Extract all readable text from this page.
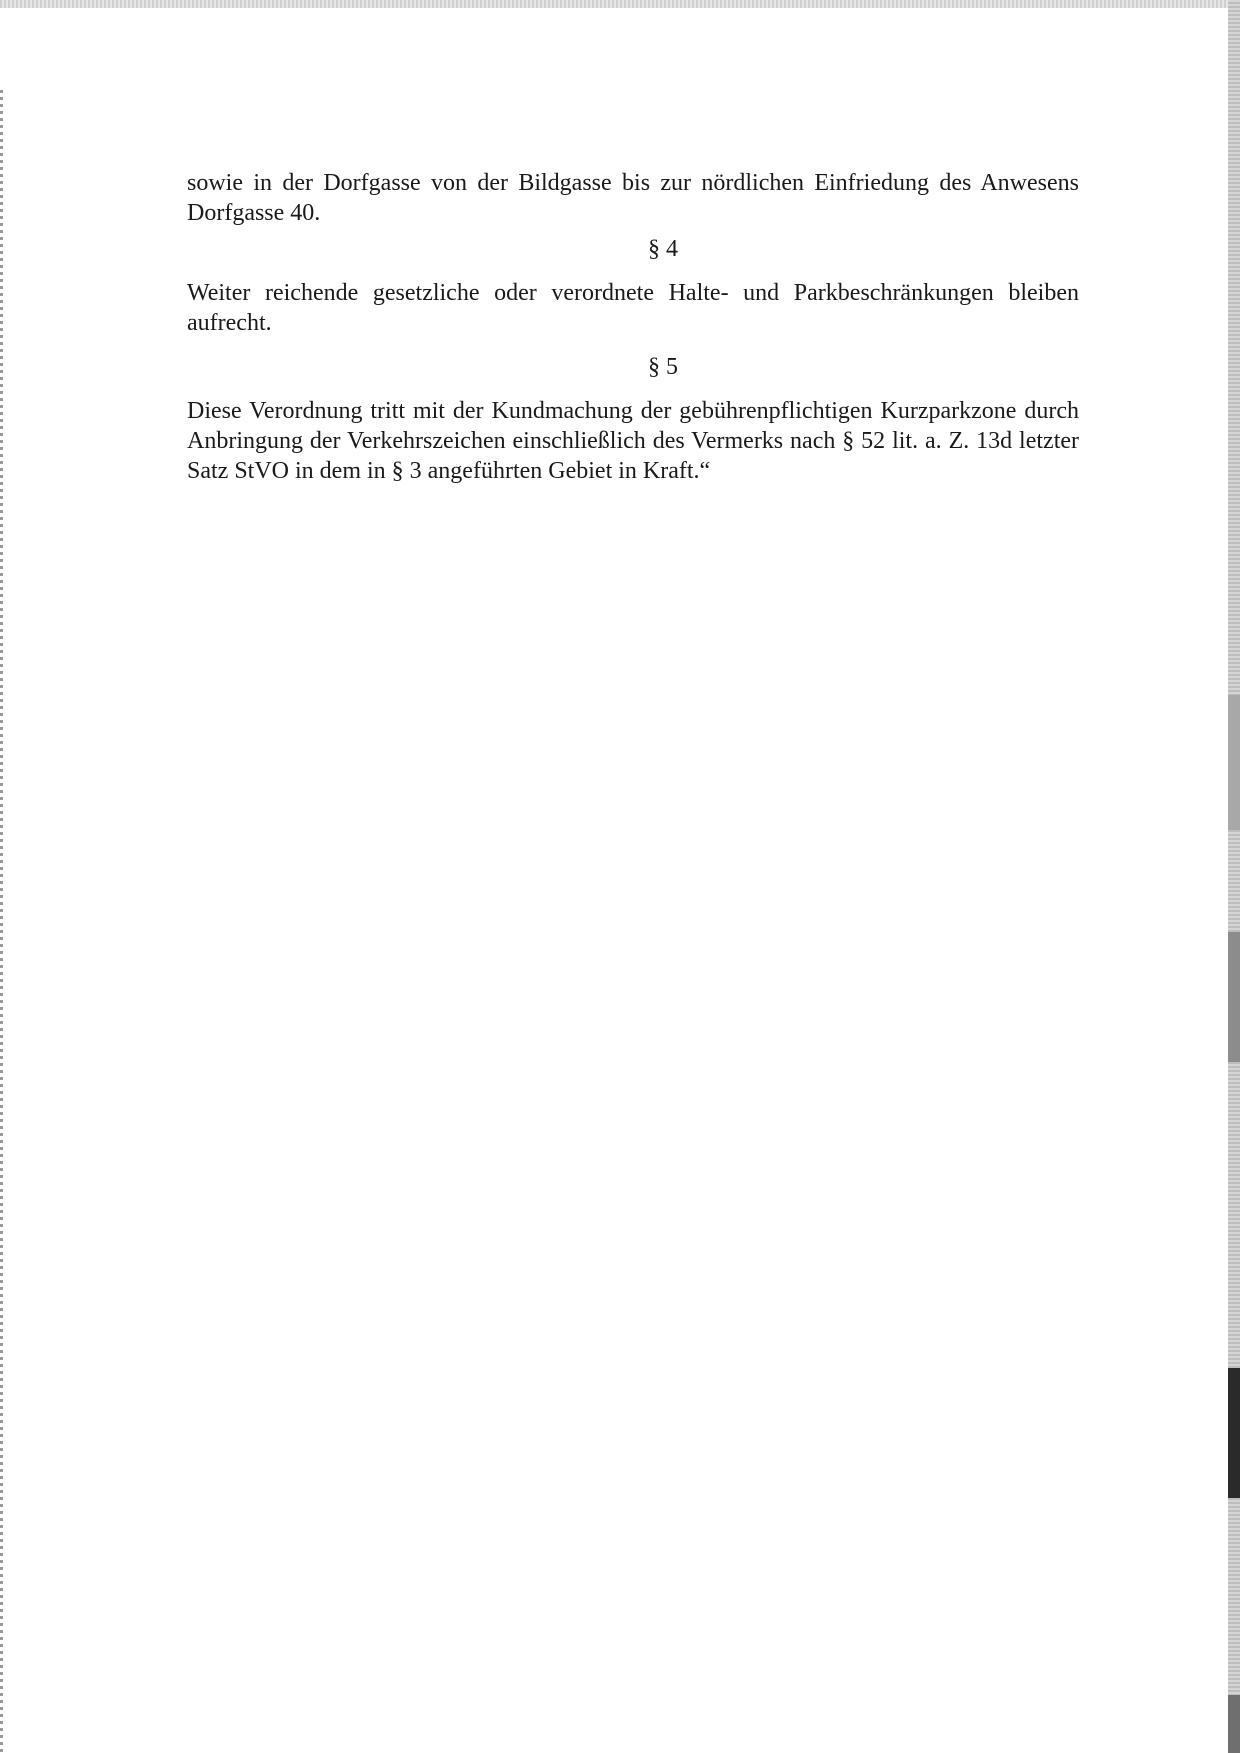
sowie in der Dorfgasse von der Bildgasse bis zur nördlichen Einfriedung des Anwesens Dorfgasse 40.

§ 4

Weiter reichende gesetzliche oder verordnete Halte- und Parkbeschränkungen bleiben aufrecht.

§ 5

Diese Verordnung tritt mit der Kundmachung der gebührenpflichtigen Kurzparkzone durch Anbringung der Verkehrszeichen einschließlich des Vermerks nach § 52 lit. a. Z. 13d letzter Satz StVO in dem in § 3 angeführten Gebiet in Kraft.“
